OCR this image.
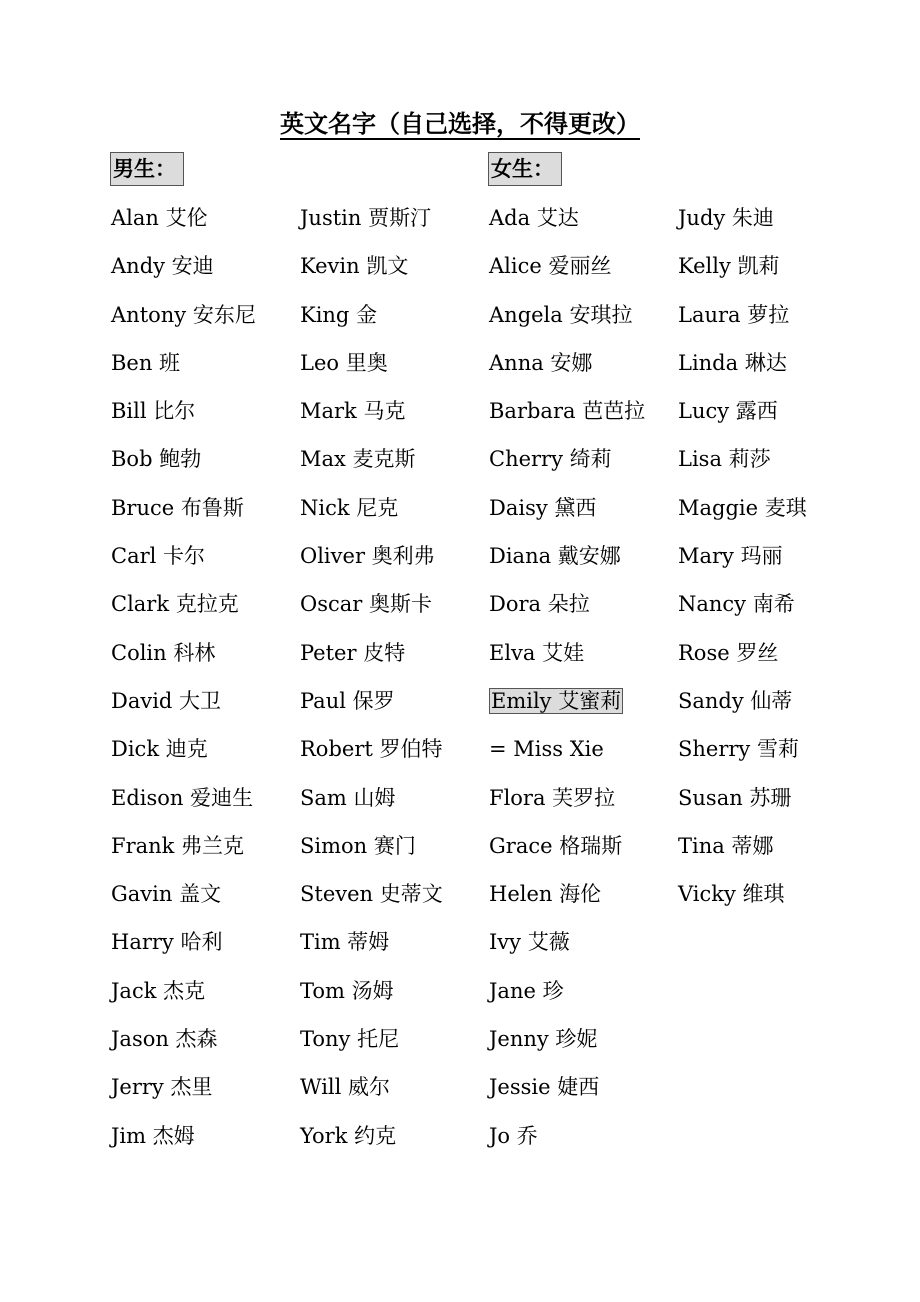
英文名字（自己选择，不得更改）
男生：	女生：
Alan 艾伦
Andy 安迪
Antony 安东尼
Ben 班
Bill 比尔
Bob 鲍勃
Bruce 布鲁斯
Carl 卡尔
Clark 克拉克
Colin 科林
David 大卫
Dick 迪克
Edison 爱迪生
Frank 弗兰克
Gavin 盖文
Harry 哈利
Jack 杰克
Jason 杰森
Jerry 杰里
Jim 杰姆
Justin 贾斯汀
Kevin 凯文
King 金
Leo 里奥
Mark 马克
Max 麦克斯
Nick 尼克
Oliver 奥利弗
Oscar 奥斯卡
Peter 皮特
Paul 保罗
Robert 罗伯特
Sam 山姆
Simon 赛门
Steven 史蒂文
Tim 蒂姆
Tom 汤姆
Tony 托尼
Will 威尔
York 约克
Ada 艾达
Alice 爱丽丝
Angela 安琪拉
Anna 安娜
Barbara 芭芭拉
Cherry 绮莉
Daisy 黛西
Diana 戴安娜
Dora 朵拉
Elva 艾娃
Emily 艾蜜莉
= Miss Xie
Flora 芙罗拉
Grace 格瑞斯
Helen 海伦
Ivy 艾薇
Jane 珍
Jenny 珍妮
Jessie 婕西
Jo 乔
Judy 朱迪
Kelly 凯莉
Laura 萝拉
Linda 琳达
Lucy 露西
Lisa 莉莎
Maggie 麦琪
Mary 玛丽
Nancy 南希
Rose 罗丝
Sandy 仙蒂
Sherry 雪莉
Susan 苏珊
Tina 蒂娜
Vicky 维琪
